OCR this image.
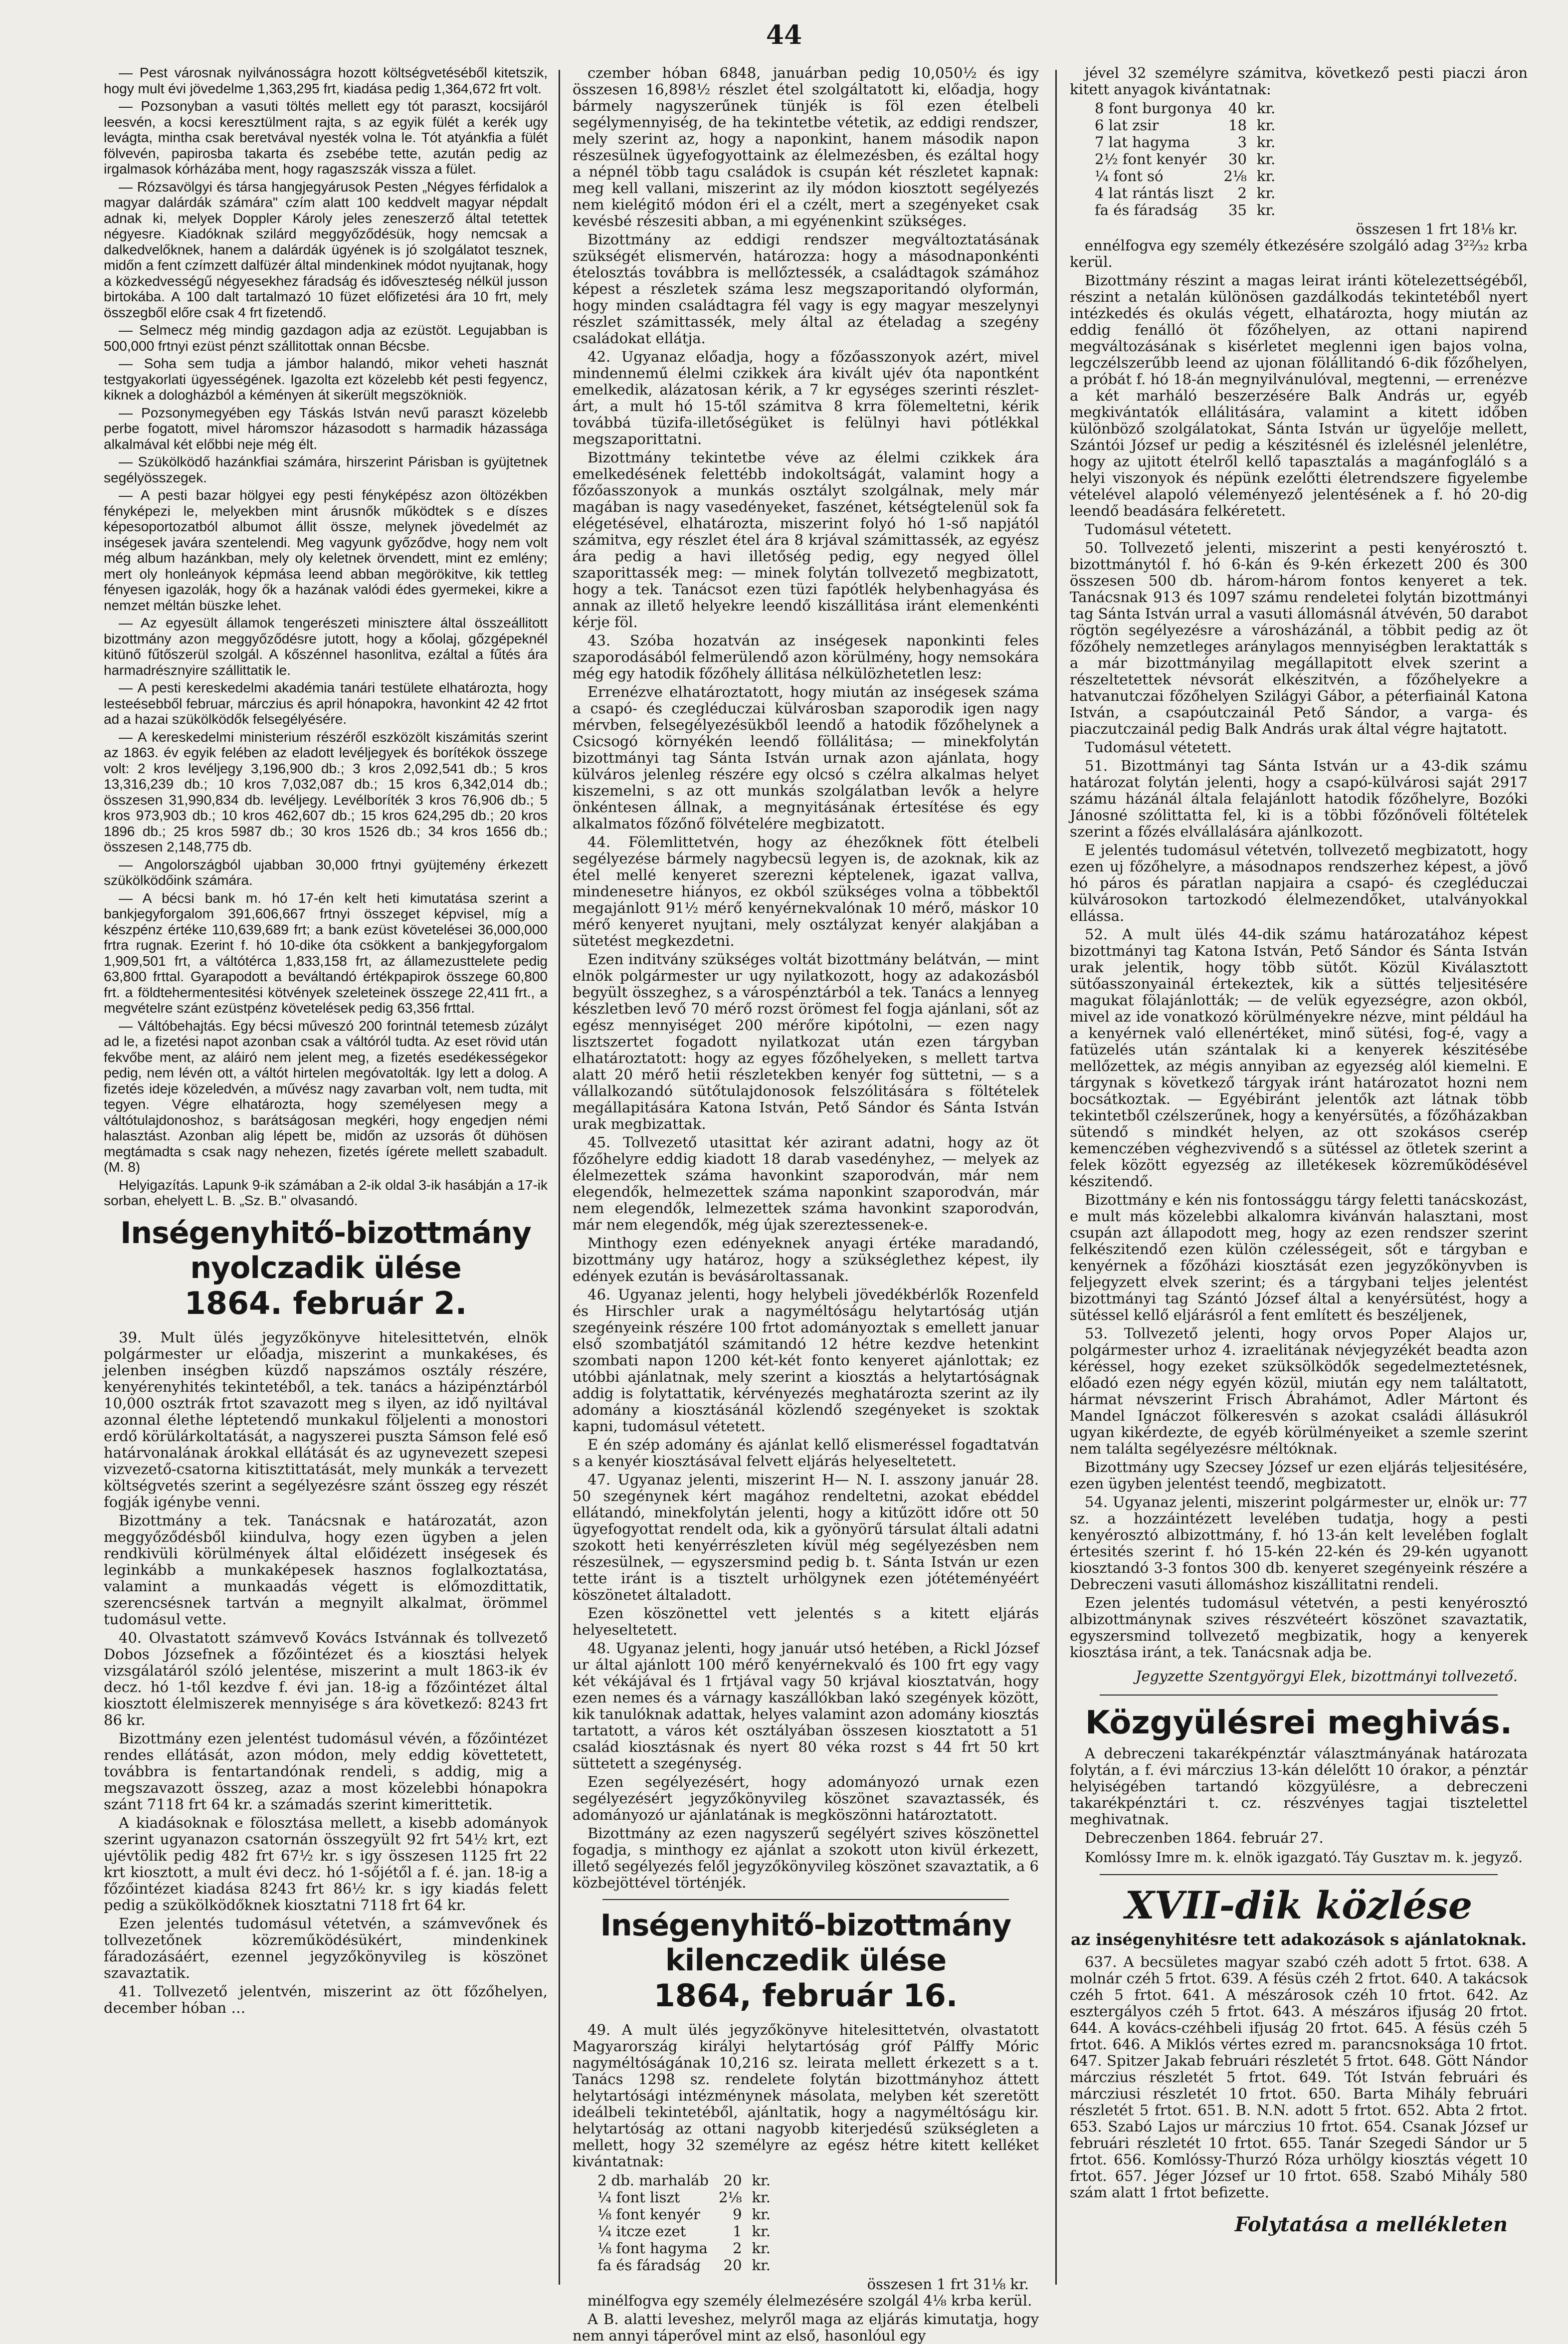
44

— Pest városnak nyilvánosságra hozott költségvetéséből kitetszik, hogy mult évi jövedelme 1,363,295 frt, kiadása pedig 1,364,672 frt volt.

— Pozsonyban a vasuti töltés mellett egy tót paraszt, kocsijáról leesvén, a kocsi keresztülment rajta, s az egyik fülét a kerék ugy levágta, mintha csak beretvával nyesték volna le. Tót atyánkfia a fülét fölvevén, papirosba takarta és zsebébe tette, azután pedig az irgalmasok kórházába ment, hogy ragaszszák vissza a fület.

— Rózsavölgyi és társa hangjegyárusok Pesten „Négyes férfidalok a magyar dalárdák számára" czím alatt 100 keddvelt magyar népdalt adnak ki, melyek Doppler Károly jeles zeneszerző által tetettek négyesre. Kiadóknak szilárd meggyőződésük, hogy nemcsak a dalkedvelőknek, hanem a dalárdák ügyének is jó szolgálatot tesznek, midőn a fent czímzett dalfüzér által mindenkinek módot nyujtanak, hogy a közkedvességű négyesekhez fáradság és időveszteség nélkül jusson birtokába. A 100 dalt tartalmazó 10 füzet előfizetési ára 10 frt, mely összegből előre csak 4 frt fizetendő.

— Selmecz még mindig gazdagon adja az ezüstöt. Legujabban is 500,000 frtnyi ezüst pénzt szállitottak onnan Bécsbe.

— Soha sem tudja a jámbor halandó, mikor veheti hasznát testgyakorlati ügyességének. Igazolta ezt közelebb két pesti fegyencz, kiknek a dologházból a kéményen át sikerült megszökniök.

— Pozsonymegyében egy Táskás István nevű paraszt közelebb perbe fogatott, mivel háromszor házasodott s harmadik házassága alkalmával két előbbi neje még élt.

— Szükölködő hazánkfiai számára, hirszerint Párisban is gyüjtetnek segélyösszegek.

— A pesti bazar hölgyei egy pesti fényképész azon öltözékben fényképezi le, melyekben mint árusnők működtek s e díszes képesoportozatból albumot állit össze, melynek jövedelmét az inségesek javára szentelendi. Meg vagyunk győződve, hogy nem volt még album hazánkban, mely oly keletnek örvendett, mint ez emlény; mert oly honleányok képmása leend abban megörökitve, kik tettleg fényesen igazolák, hogy ők a hazának valódi édes gyermekei, kikre a nemzet méltán büszke lehet.

— Az egyesült államok tengerészeti minisztere által összeállitott bizottmány azon meggyőződésre jutott, hogy a kőolaj, gőzgépeknél kitünő fűtőszerül szolgál. A kőszénnel hasonlitva, ezáltal a fűtés ára harmadrésznyire szállittatik le.

— A pesti kereskedelmi akadémia tanári testülete elhatározta, hogy lesteésebből februar, márczius és april hónapokra, havonkint 42 42 frtot ad a hazai szükölködők felsegélyésére.

— A kereskedelmi ministerium részéről eszközölt kiszámitás szerint az 1863. év egyik felében az eladott levéljegyek és borítékok összege volt: 2 kros levéljegy 3,196,900 db.; 3 kros 2,092,541 db.; 5 kros 13,316,239 db.; 10 kros 7,032,087 db.; 15 kros 6,342,014 db.; összesen 31,990,834 db. levéljegy. Levélboríték 3 kros 76,906 db.; 5 kros 973,903 db.; 10 kros 462,607 db.; 15 kros 624,295 db.; 20 kros 1896 db.; 25 kros 5987 db.; 30 kros 1526 db.; 34 kros 1656 db.; összesen 2,148,775 db.

— Angolországból ujabban 30,000 frtnyi gyüjtemény érkezett szükölködőink számára.

— A bécsi bank m. hó 17-én kelt heti kimutatása szerint a bankjegyforgalom 391,606,667 frtnyi összeget képvisel, míg a készpénz értéke 110,639,689 frt; a bank ezüst követelései 36,000,000 frtra rugnak. Ezerint f. hó 10-dike óta csökkent a bankjegyforgalom 1,909,501 frt, a váltótérca 1,833,158 frt, az államezusttelete pedig 63,800 frttal. Gyarapodott a beváltandó értékpapirok összege 60,800 frt. a földtehermentesitési kötvények szeleteinek összege 22,411 frt., a megvételre szánt ezüstpénz követelések pedig 63,356 frttal.

— Váltóbehajtás. Egy bécsi műveszó 200 forintnál tetemesb zúzályt ad le, a fizetési napot azonban csak a váltóról tudta. Az eset rövid után fekvőbe ment, az aláiró nem jelent meg, a fizetés esedékességekor pedig, nem lévén ott, a váltót hirtelen megóvatolták. Igy lett a dolog. A fizetés ideje közeledvén, a művész nagy zavarban volt, nem tudta, mit tegyen. Végre elhatározta, hogy személyesen megy a váltótulajdonoshoz, s barátságosan megkéri, hogy engedjen némi halasztást. Azonban alig lépett be, midőn az uzsorás őt dühösen megtámadta s csak nagy nehezen, fizetés ígérete mellett szabadult. (M. 8)

Helyigazítás. Lapunk 9-ik számában a 2-ik oldal 3-ik hasábján a 17-ik sorban, ehelyett L. B. „Sz. B." olvasandó.

Inségenyhitő-bizottmány nyolczadik ülése
1864. február 2.

39. Mult ülés jegyzőkönyve hitelesittetvén, elnök polgármester ur előadja, miszerint a munkakéses, és jelenben inségben küzdő napszámos osztály részére, kenyérenyhités tekintetéből, a tek. tanács a házipénztárból 10,000 osztrák frtot szavazott meg s ilyen, az idő nyiltával azonnal élethe léptetendő munkakul följelenti a monostori erdő körülárkoltatását, a nagyszerei puszta Sámson felé eső határvonalának árokkal ellátását és az ugynevezett szepesi vizvezető-csatorna kitisztittatását, mely munkák a tervezett költségvetés szerint a segélyezésre szánt összeg egy részét fogják igénybe venni.

Bizottmány a tek. Tanácsnak e határozatát, azon meggyőződésből kiindulva, hogy ezen ügyben a jelen rendkivüli körülmények által előidézett inségesek és leginkább a munkaképesek hasznos foglalkoztatása, valamint a munkaadás végett is előmozdittatik, szerencsésnek tartván a megnyilt alkalmat, örömmel tudomásul vette.

40. Olvastatott számvevő Kovács Istvánnak és tollvezető Dobos Józsefnek a főzőintézet és a kiosztási helyek vizsgálatáról szóló jelentése, miszerint a mult 1863-ik év decz. hó 1-től kezdve f. évi jan. 18-ig a főzőintézet által kiosztott élelmiszerek mennyisége s ára következő: 8243 frt 86 kr.

Bizottmány ezen jelentést tudomásul vévén, a főzőintézet rendes ellátását, azon módon, mely eddig követtetett, továbbra is fentartandónak rendeli, s addig, mig a megszavazott összeg, azaz a most közelebbi hónapokra szánt 7118 frt 64 kr. a számadás szerint kimerittetik.

A kiadásoknak e fölosztása mellett, a kisebb adományok szerint ugyanazon csatornán összegyült 92 frt 54½ krt, ezt ujévtölik pedig 482 frt 67½ kr. s igy összesen 1125 frt 22 krt kiosztott, a mult évi decz. hó 1-sőjétől a f. é. jan. 18-ig a főzőintézet kiadása 8243 frt 86½ kr. s igy kiadás felett pedig a szükölködőknek kiosztatni 7118 frt 64 kr.

Ezen jelentés tudomásul vétetvén, a számvevőnek és tollvezetőnek közreműködésükért, mindenkinek fáradozásáért, ezennel jegyzőkönyvileg is köszönet szavaztatik.

41. Tollvezető jelentvén, miszerint az ött főzőhelyen, december hóban …

czember hóban 6848, januárban pedig 10,050½ és igy összesen 16,898½ részlet étel szolgáltatott ki, előadja, hogy bármely nagyszerűnek tünjék is föl ezen ételbeli segélymennyiség, de ha tekintetbe vétetik, az eddigi rendszer, mely szerint az, hogy a naponkint, hanem második napon részesülnek ügyefogyottaink az élelmezésben, és ezáltal hogy a népnél több tagu családok is csupán két részletet kapnak: meg kell vallani, miszerint az ily módon kiosztott segélyezés nem kielégitő módon éri el a czélt, mert a szegényeket csak kevésbé részesiti abban, a mi egyénenkint szükséges.

Bizottmány az eddigi rendszer megváltoztatásának szükségét elismervén, határozza: hogy a másodnaponkénti ételosztás továbbra is mellőztessék, a családtagok számához képest a részletek száma lesz megszaporitandó olyformán, hogy minden családtagra fél vagy is egy magyar meszelynyi részlet számittassék, mely által az ételadag a szegény családokat ellátja.

42. Ugyanaz előadja, hogy a főzőasszonyok azért, mivel mindennemű élelmi czikkek ára kivált ujév óta napontként emelkedik, alázatosan kérik, a 7 kr egységes szerinti részlet-árt, a mult hó 15-től számitva 8 krra fölemeltetni, kérik továbbá tüzifa-illetőségüket is felülnyi havi pótlékkal megszaporittatni.

Bizottmány tekintetbe véve az élelmi czikkek ára emelkedésének felettébb indokoltságát, valamint hogy a főzőasszonyok a munkás osztályt szolgálnak, mely már magában is nagy vasedényeket, faszénet, kétségtelenül sok fa elégetésével, elhatározta, miszerint folyó hó 1-ső napjától számitva, egy részlet étel ára 8 krjával számittassék, az egyész ára pedig a havi illetőség pedig, egy negyed öllel szaporittassék meg: — minek folytán tollvezető megbizatott, hogy a tek. Tanácsot ezen tüzi fapótlék helybenhagyása és annak az illető helyekre leendő kiszállitása iránt elemenkénti kérje föl.

43. Szóba hozatván az inségesek naponkinti feles szaporodásából felmerülendő azon körülmény, hogy nemsokára még egy hatodik főzőhely állitása nélkülözhetetlen lesz:

Errenézve elhatároztatott, hogy miután az inségesek száma a csapó- és czegléduczai külvárosban szaporodik igen nagy mérvben, felsegélyezésükből leendő a hatodik főzőhelynek a Csicsogó környékén leendő föllálitása; — minekfolytán bizottmányi tag Sánta István urnak azon ajánlata, hogy külváros jelenleg részére egy olcsó s czélra alkalmas helyet kiszemelni, s az ott munkás szolgálatban levők a helyre önkéntesen állnak, a megnyitásának értesítése és egy alkalmatos főzőnő fölvételére megbizatott.

44. Fölemlittetvén, hogy az éhezőknek fött ételbeli segélyezése bármely nagybecsü legyen is, de azoknak, kik az étel mellé kenyeret szerezni képtelenek, igazat vallva, mindenesetre hiányos, ez okból szükséges volna a többektől megajánlott 91½ mérő kenyérnekvalónak 10 mérő, máskor 10 mérő kenyeret nyujtani, mely osztályzat kenyér alakjában a sütetést megkezdetni.

Ezen inditvány szükséges voltát bizottmány belátván, — mint elnök polgármester ur ugy nyilatkozott, hogy az adakozásból begyült összeghez, s a várospénztárból a tek. Tanács a lennyeg készletben levő 70 mérő rozst örömest fel fogja ajánlani, sőt az egész mennyiséget 200 mérőre kipótolni, — ezen nagy lisztszertet fogadott nyilatkozat után ezen tárgyban elhatároztatott: hogy az egyes főzőhelyeken, s mellett tartva alatt 20 mérő hetii részletekben kenyér fog süttetni, — s a vállalkozandó sütőtulajdonosok felszólitására s föltételek megállapitására Katona István, Pető Sándor és Sánta István urak megbizattak.

45. Tollvezető utasittat kér azirant adatni, hogy az öt főzőhelyre eddig kiadott 18 darab vasedényhez, — melyek az élelmezettek száma havonkint szaporodván, már nem elegendők, helmezettek száma naponkint szaporodván, már nem elegendők, lelmezettek száma havonkint szaporodván, már nem elegendők, még újak szereztessenek-e.

Minthogy ezen edényeknek anyagi értéke maradandó, bizottmány ugy határoz, hogy a szükséglethez képest, ily edények ezután is bevásároltassanak.

46. Ugyanaz jelenti, hogy helybeli jövedékbérlők Rozenfeld és Hirschler urak a nagyméltóságu helytartóság utján szegényeink részére 100 frtot adományoztak s emellett januar első szombatjától számitandó 12 hétre kezdve hetenkint szombati napon 1200 két-két fonto kenyeret ajánlottak; ez utóbbi ajánlatnak, mely szerint a kiosztás a helytartóságnak addig is folytattatik, kérvényezés meghatározta szerint az ily adomány a kiosztásánál közlendő szegényeket is szoktak kapni, tudomásul vétetett.

E én szép adomány és ajánlat kellő elismeréssel fogadtatván s a kenyér kiosztásával felvett eljárás helyeseltetett.

47. Ugyanaz jelenti, miszerint H— N. I. asszony január 28. 50 szegénynek kért magához rendeltetni, azokat ebéddel ellátandó, minekfolytán jelenti, hogy a kitűzött időre ott 50 ügyefogyottat rendelt oda, kik a gyönyörű társulat általi adatni szokott heti kenyérrészleten kívül még segélyezésben nem részesülnek, — egyszersmind pedig b. t. Sánta István ur ezen tette iránt is a tisztelt urhölgynek ezen jótéteményéért köszönetet általadott.

Ezen köszönettel vett jelentés s a kitett eljárás helyeseltetett.

48. Ugyanaz jelenti, hogy január utsó hetében, a Rickl József ur által ajánlott 100 mérő kenyérnekvaló és 100 frt egy vagy két vékájával és 1 frtjával vagy 50 krjával kiosztatván, hogy ezen nemes és a várnagy kaszállókban lakó szegények között, kik tanulóknak adattak, helyes valamint azon adomány kiosztás tartatott, a város két osztályában összesen kiosztatott a 51 család kiosztásnak és nyert 80 véka rozst s 44 frt 50 krt süttetett a szegénység.

Ezen segélyezésért, hogy adományozó urnak ezen segélyezésért jegyzőkönyvileg köszönet szavaztassék, és adományozó ur ajánlatának is megköszönni határoztatott.

Bizottmány az ezen nagyszerű segélyért szives köszönettel fogadja, s minthogy ez ajánlat a szokott uton kivül érkezett, illető segélyezés felől jegyzőkönyvileg köszönet szavaztatik, a 6 közbejöttével történjék.

Inségenyhitő-bizottmány kilenczedik ülése
1864, február 16.

49. A mult ülés jegyzőkönyve hitelesittetvén, olvastatott Magyarország királyi helytartóság gróf Pálffy Móric nagyméltóságának 10,216 sz. leirata mellett érkezett s a t. Tanács 1298 sz. rendelete folytán bizottmányhoz áttett helytartósági intézménynek másolata, melyben két szeretött ideálbeli tekintetéből, ajánltatik, hogy a nagyméltóságu kir. helytartóság az ottani nagyobb kiterjedésű szükségleten a mellett, hogy 32 személyre az egész hétre kitett kelléket kivántatnak:

2 db. marhaláb	20	kr.
¼ font liszt	2⅛	kr.
⅛ font kenyér	9	kr.
¼ itcze ezet	1	kr.
⅛ font hagyma	2	kr.
fa és fáradság	20	kr.
összesen 1 frt 31⅛ kr.

minélfogva egy személy élelmezésére szolgál 4⅛ krba kerül.

A B. alatti leveshez, melyről maga az eljárás kimutatja, hogy nem annyi táperővel mint az első, hasonlóul egy

jével 32 személyre számitva, következő pesti piaczi áron kitett anyagok kivántatnak:

8 font burgonya	40	kr.
6 lat zsir	18	kr.
7 lat hagyma	3	kr.
2½ font kenyér	30	kr.
¼ font só	2⅛	kr.
4 lat rántás liszt	2	kr.
fa és fáradság	35	kr.
összesen 1 frt 18⅛ kr.

ennélfogva egy személy étkezésére szolgáló adag 3²²⁄₃₂ krba kerül.

Bizottmány részint a magas leirat iránti kötelezettségéből, részint a netalán különösen gazdálkodás tekintetéből nyert intézkedés és okulás végett, elhatározta, hogy miután az eddig fenálló öt főzőhelyen, az ottani napirend megváltozásának s kisérletet meglenni igen bajos volna, legczélszerűbb leend az ujonan fölállitandó 6-dik főzőhelyen, a próbát f. hó 18-án megnyilvánulóval, megtenni, — errenézve a két marháló beszerzésére Balk András ur, egyéb megkivántatók ellálitására, valamint a kitett időben különböző szolgálatokat, Sánta István ur ügyelője mellett, Szántói József ur pedig a készitésnél és izlelésnél jelenlétre, hogy az ujitott ételről kellő tapasztalás a magánfogláló s a helyi viszonyok és népünk ezelőtti életrendszere figyelembe vételével alapoló véleményező jelentésének a f. hó 20-dig leendő beadására felkéretett.

Tudomásul vétetett.

50. Tollvezető jelenti, miszerint a pesti kenyérosztó t. bizottmánytól f. hó 6-kán és 9-kén érkezett 200 és 300 összesen 500 db. három-három fontos kenyeret a tek. Tanácsnak 913 és 1097 számu rendeletei folytán bizottmányi tag Sánta István urral a vasuti állomásnál átvévén, 50 darabot rögtön segélyezésre a városházánál, a többit pedig az öt főzőhely nemzetleges aránylagos mennyiségben leraktatták s a már bizottmányilag megállapitott elvek szerint a részeltetettek névsorát elkészitvén, a főzőhelyekre a hatvanutczai főzőhelyen Szilágyi Gábor, a péterfiainál Katona István, a csapóutczainál Pető Sándor, a varga- és piaczutczainál pedig Balk András urak által végre hajtatott.

Tudomásul vétetett.

51. Bizottmányi tag Sánta István ur a 43-dik számu határozat folytán jelenti, hogy a csapó-külvárosi saját 2917 számu házánál általa felajánlott hatodik főzőhelyre, Bozóki Jánosné szólittatta fel, ki is a többi főzőnőveli föltételek szerint a főzés elvállalására ajánlkozott.

E jelentés tudomásul vétetvén, tollvezető megbizatott, hogy ezen uj főzőhelyre, a másodnapos rendszerhez képest, a jövő hó páros és páratlan napjaira a csapó- és czegléduczai külvárosokon tartozkodó élelmezendőket, utalványokkal ellássa.

52. A mult ülés 44-dik számu határozatához képest bizottmányi tag Katona István, Pető Sándor és Sánta István urak jelentik, hogy több sütőt. Közül Kiválasztott sütőasszonyainál értekeztek, kik a süttés teljesitésére magukat fölajánlották; — de velük egyezségre, azon okból, mivel az ide vonatkozó körülményekre nézve, mint például ha a kenyérnek való ellenértéket, minő sütési, fog-é, vagy a fatüzelés után szántalak ki a kenyerek készitésébe mellőzettek, az mégis annyiban az egyezség alól kiemelni. E tárgynak s következő tárgyak iránt határozatot hozni nem bocsátkoztak. — Egyébiránt jelentők azt látnak több tekintetből czélszerűnek, hogy a kenyérsütés, a főzőházakban sütendő s mindkét helyen, az ott szokásos cserép kemenczében véghezvivendő s a sütéssel az ötletek szerint a felek között egyezség az illetékesek közreműködésével készitendő.

Bizottmány e kén nis fontossággu tárgy feletti tanácskozást, e mult más közelebbi alkalomra kivánván halasztani, most csupán azt állapodott meg, hogy az ezen rendszer szerint felkészitendő ezen külön czélességeit, sőt e tárgyban e kenyérnek a főzőházi kiosztását ezen jegyzőkönyvben is feljegyzett elvek szerint; és a tárgybani teljes jelentést bizottmányi tag Szántó József által a kenyérsütést, hogy a sütéssel kellő eljárásról a fent említett és beszéljenek,

53. Tollvezető jelenti, hogy orvos Poper Alajos ur, polgármester urhoz 4. izraelitának névjegyzékét beadta azon kéréssel, hogy ezeket szüksölködők segedelmeztetésnek, előadó ezen négy egyén közül, miután egy nem találtatott, hármat névszerint Frisch Ábrahámot, Adler Mártont és Mandel Ignáczot fölkeresvén s azokat családi állásukról ugyan kikérdezte, de egyéb körülményeiket a szemle szerint nem találta segélyezésre méltóknak.

Bizottmány ugy Szecsey József ur ezen eljárás teljesitésére, ezen ügyben jelentést teendő, megbizatott.

54. Ugyanaz jelenti, miszerint polgármester ur, elnök ur: 77 sz. a hozzáintézett levelében tudatja, hogy a pesti kenyérosztó albizottmány, f. hó 13-án kelt levelében foglalt értesités szerint f. hó 15-kén 22-kén és 29-kén ugyanott kiosztandó 3-3 fontos 300 db. kenyeret szegényeink részére a Debreczeni vasuti állomáshoz kiszállitatni rendeli.

Ezen jelentés tudomásul vétetvén, a pesti kenyérosztó albizottmánynak szives részvéteért köszönet szavaztatik, egyszersmind tollvezető megbizatik, hogy a kenyerek kiosztása iránt, a tek. Tanácsnak adja be.

Jegyzette Szentgyörgyi Elek, bizottmányi tollvezető.
Közgyülésrei meghivás.

A debreczeni takarékpénztár választmányának határozata folytán, a f. évi márczius 13-kán délelőtt 10 órakor, a pénztár helyiségében tartandó közgyülésre, a debreczeni takarékpénztári t. cz. részvényes tagjai tisztelettel meghivatnak.

Debreczenben 1864. február 27.

Komlóssy Imre m. k. elnök igazgató. Táy Gusztav m. k. jegyző.
XVII-dik közlése
az inségenyhitésre tett adakozások s ajánlatoknak.

637. A becsületes magyar szabó czéh adott 5 frtot. 638. A molnár czéh 5 frtot. 639. A fésüs czéh 2 frtot. 640. A takácsok czéh 5 frtot. 641. A mészárosok czéh 10 frtot. 642. Az esztergályos czéh 5 frtot. 643. A mészáros ifjuság 20 frtot. 644. A kovács-czéhbeli ifjuság 20 frtot. 645. A fésüs czéh 5 frtot. 646. A Miklós vértes ezred m. parancsnoksága 10 frtot. 647. Spitzer Jakab februári részletét 5 frtot. 648. Gött Nándor márczius részletét 5 frtot. 649. Tót István februári és márcziusi részletét 10 frtot. 650. Barta Mihály februári részletét 5 frtot. 651. B. N.N. adott 5 frtot. 652. Abta 2 frtot. 653. Szabó Lajos ur márczius 10 frtot. 654. Csanak József ur februári részletét 10 frtot. 655. Tanár Szegedi Sándor ur 5 frtot. 656. Komlóssy-Thurzó Róza urhölgy kiosztás végett 10 frtot. 657. Jéger József ur 10 frtot. 658. Szabó Mihály 580 szám alatt 1 frtot befizette.

Folytatása a mellékleten
